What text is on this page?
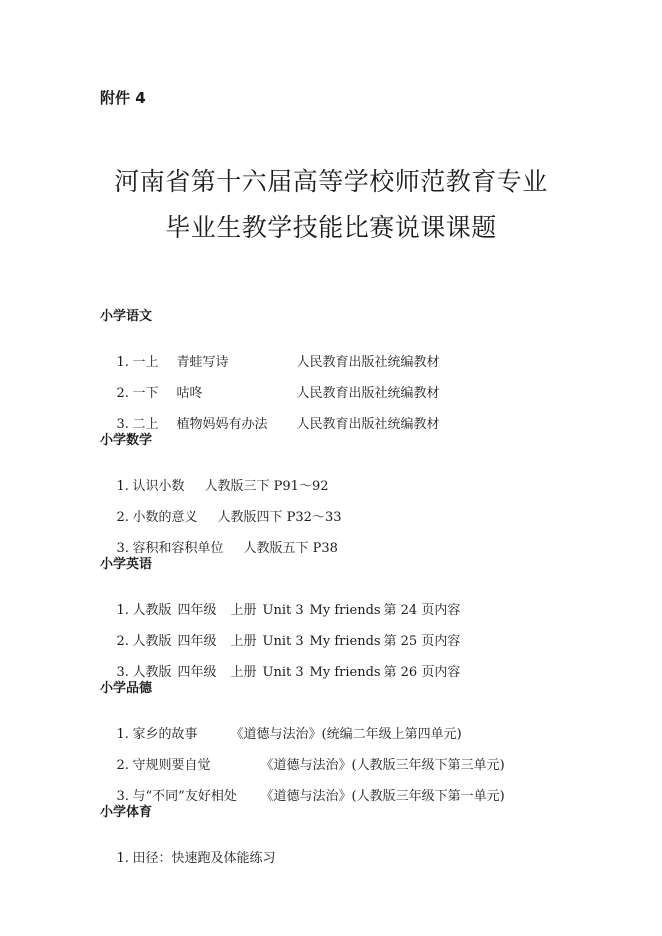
附件 4
河南省第十六届高等学校师范教育专业
毕业生教学技能比赛说课课题
小学语文

1. 一上 青蛙写诗	人民教育出版社统编教材

2. 一下 咕咚	人民教育出版社统编教材

3. 二上 植物妈妈有办法 人民教育出版社统编教材

小学数学

1. 认识小数 人教版三下 P91～92

2. 小数的意义 人教版四下 P32～33

3. 容积和容积单位 人教版五下 P38

小学英语

1. 人教版 四年级 上册 Unit 3 My friends 第 24 页内容

2. 人教版 四年级 上册 Unit 3 My friends 第 25 页内容

3. 人教版 四年级 上册 Unit 3 My friends 第 26 页内容

小学品德

1. 家乡的故事	《道德与法治》(统编二年级上第四单元)

2. 守规则要自觉	《道德与法治》(人教版三年级下第三单元)

3. 与“不同”友好相处 《道德与法治》(人教版三年级下第一单元)

小学体育

1. 田径：快速跑及体能练习
